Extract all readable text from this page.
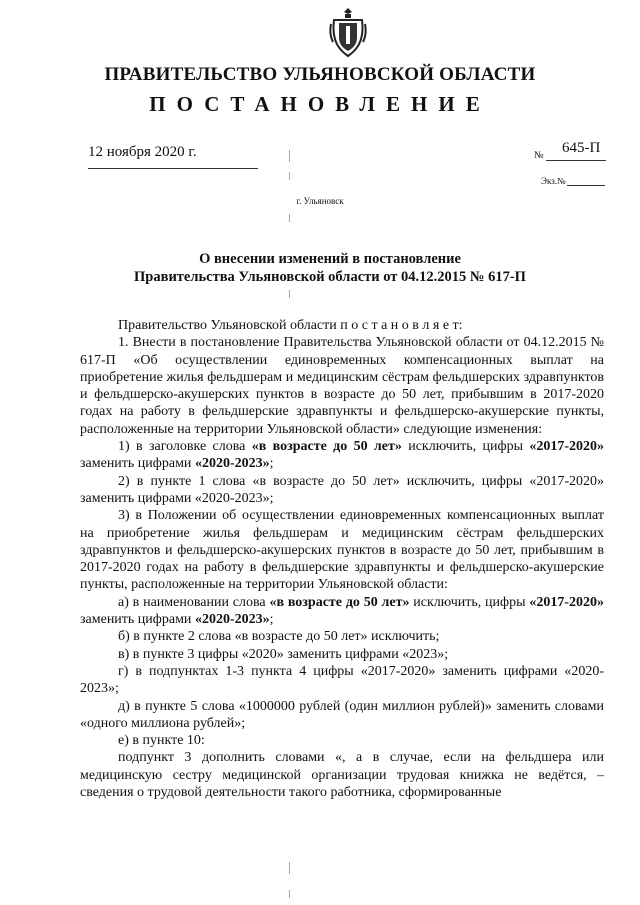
ПРАВИТЕЛЬСТВО УЛЬЯНОВСКОЙ ОБЛАСТИ
ПОСТАНОВЛЕНИЕ
12 ноября 2020 г.	№ 645-П
Экз.№
г. Ульяновск
О внесении изменений в постановление
Правительства Ульяновской области от 04.12.2015 № 617-П

Правительство Ульяновской области п о с т а н о в л я е т:

1. Внести в постановление Правительства Ульяновской области от 04.12.2015 № 617-П «Об осуществлении единовременных компенсационных выплат на приобретение жилья фельдшерам и медицинским сёстрам фельдшерских здравпунктов и фельдшерско-акушерских пунктов в возрасте до 50 лет, прибывшим в 2017-2020 годах на работу в фельдшерские здравпункты и фельдшерско-акушерские пункты, расположенные на территории Ульяновской области» следующие изменения:

1) в заголовке слова «в возрасте до 50 лет» исключить, цифры «2017-2020» заменить цифрами «2020-2023»;

2) в пункте 1 слова «в возрасте до 50 лет» исключить, цифры «2017-2020» заменить цифрами «2020-2023»;

3) в Положении об осуществлении единовременных компенсационных выплат на приобретение жилья фельдшерам и медицинским сёстрам фельдшерских здравпунктов и фельдшерско-акушерских пунктов в возрасте до 50 лет, прибывшим в 2017-2020 годах на работу в фельдшерские здравпункты и фельдшерско-акушерские пункты, расположенные на территории Ульяновской области:

а) в наименовании слова «в возрасте до 50 лет» исключить, цифры «2017-2020» заменить цифрами «2020-2023»;

б) в пункте 2 слова «в возрасте до 50 лет» исключить;

в) в пункте 3 цифры «2020» заменить цифрами «2023»;

г) в подпунктах 1-3 пункта 4 цифры «2017-2020» заменить цифрами «2020-2023»;

д) в пункте 5 слова «1000000 рублей (один миллион рублей)» заменить словами «одного миллиона рублей»;

е) в пункте 10:

подпункт 3 дополнить словами «, а в случае, если на фельдшера или медицинскую сестру медицинской организации трудовая книжка не ведётся, – сведения о трудовой деятельности такого работника, сформированные
